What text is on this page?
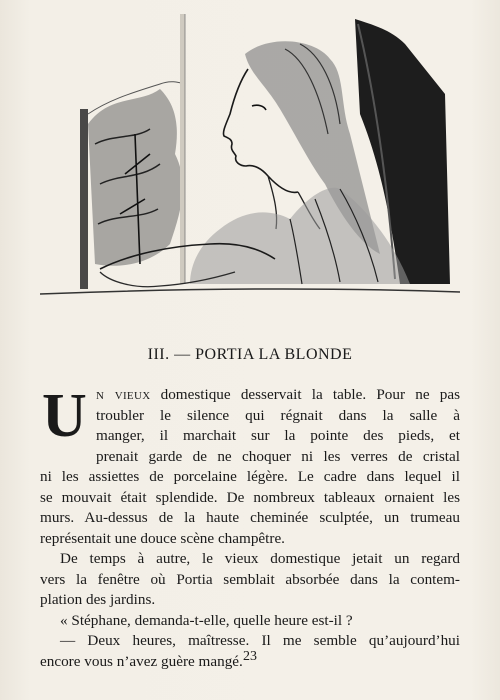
III. — PORTIA LA BLONDE
U n vieux domestique desservait la table. Pour ne pas
troubler le silence qui régnait dans la salle à
manger, il marchait sur la pointe des pieds, et
prenait garde de ne choquer ni les verres de cristal
ni les assiettes de porcelaine légère. Le cadre dans lequel il
se mouvait était splendide. De nombreux tableaux ornaient les
murs. Au-dessus de la haute cheminée sculptée, un trumeau
représentait une douce scène champêtre.
De temps à autre, le vieux domestique jetait un regard
vers la fenêtre où Portia semblait absorbée dans la contem-
plation des jardins.
« Stéphane, demanda-t-elle, quelle heure est-il ?
— Deux heures, maîtresse. Il me semble qu’aujourd’hui
encore vous n’avez guère mangé. 23
